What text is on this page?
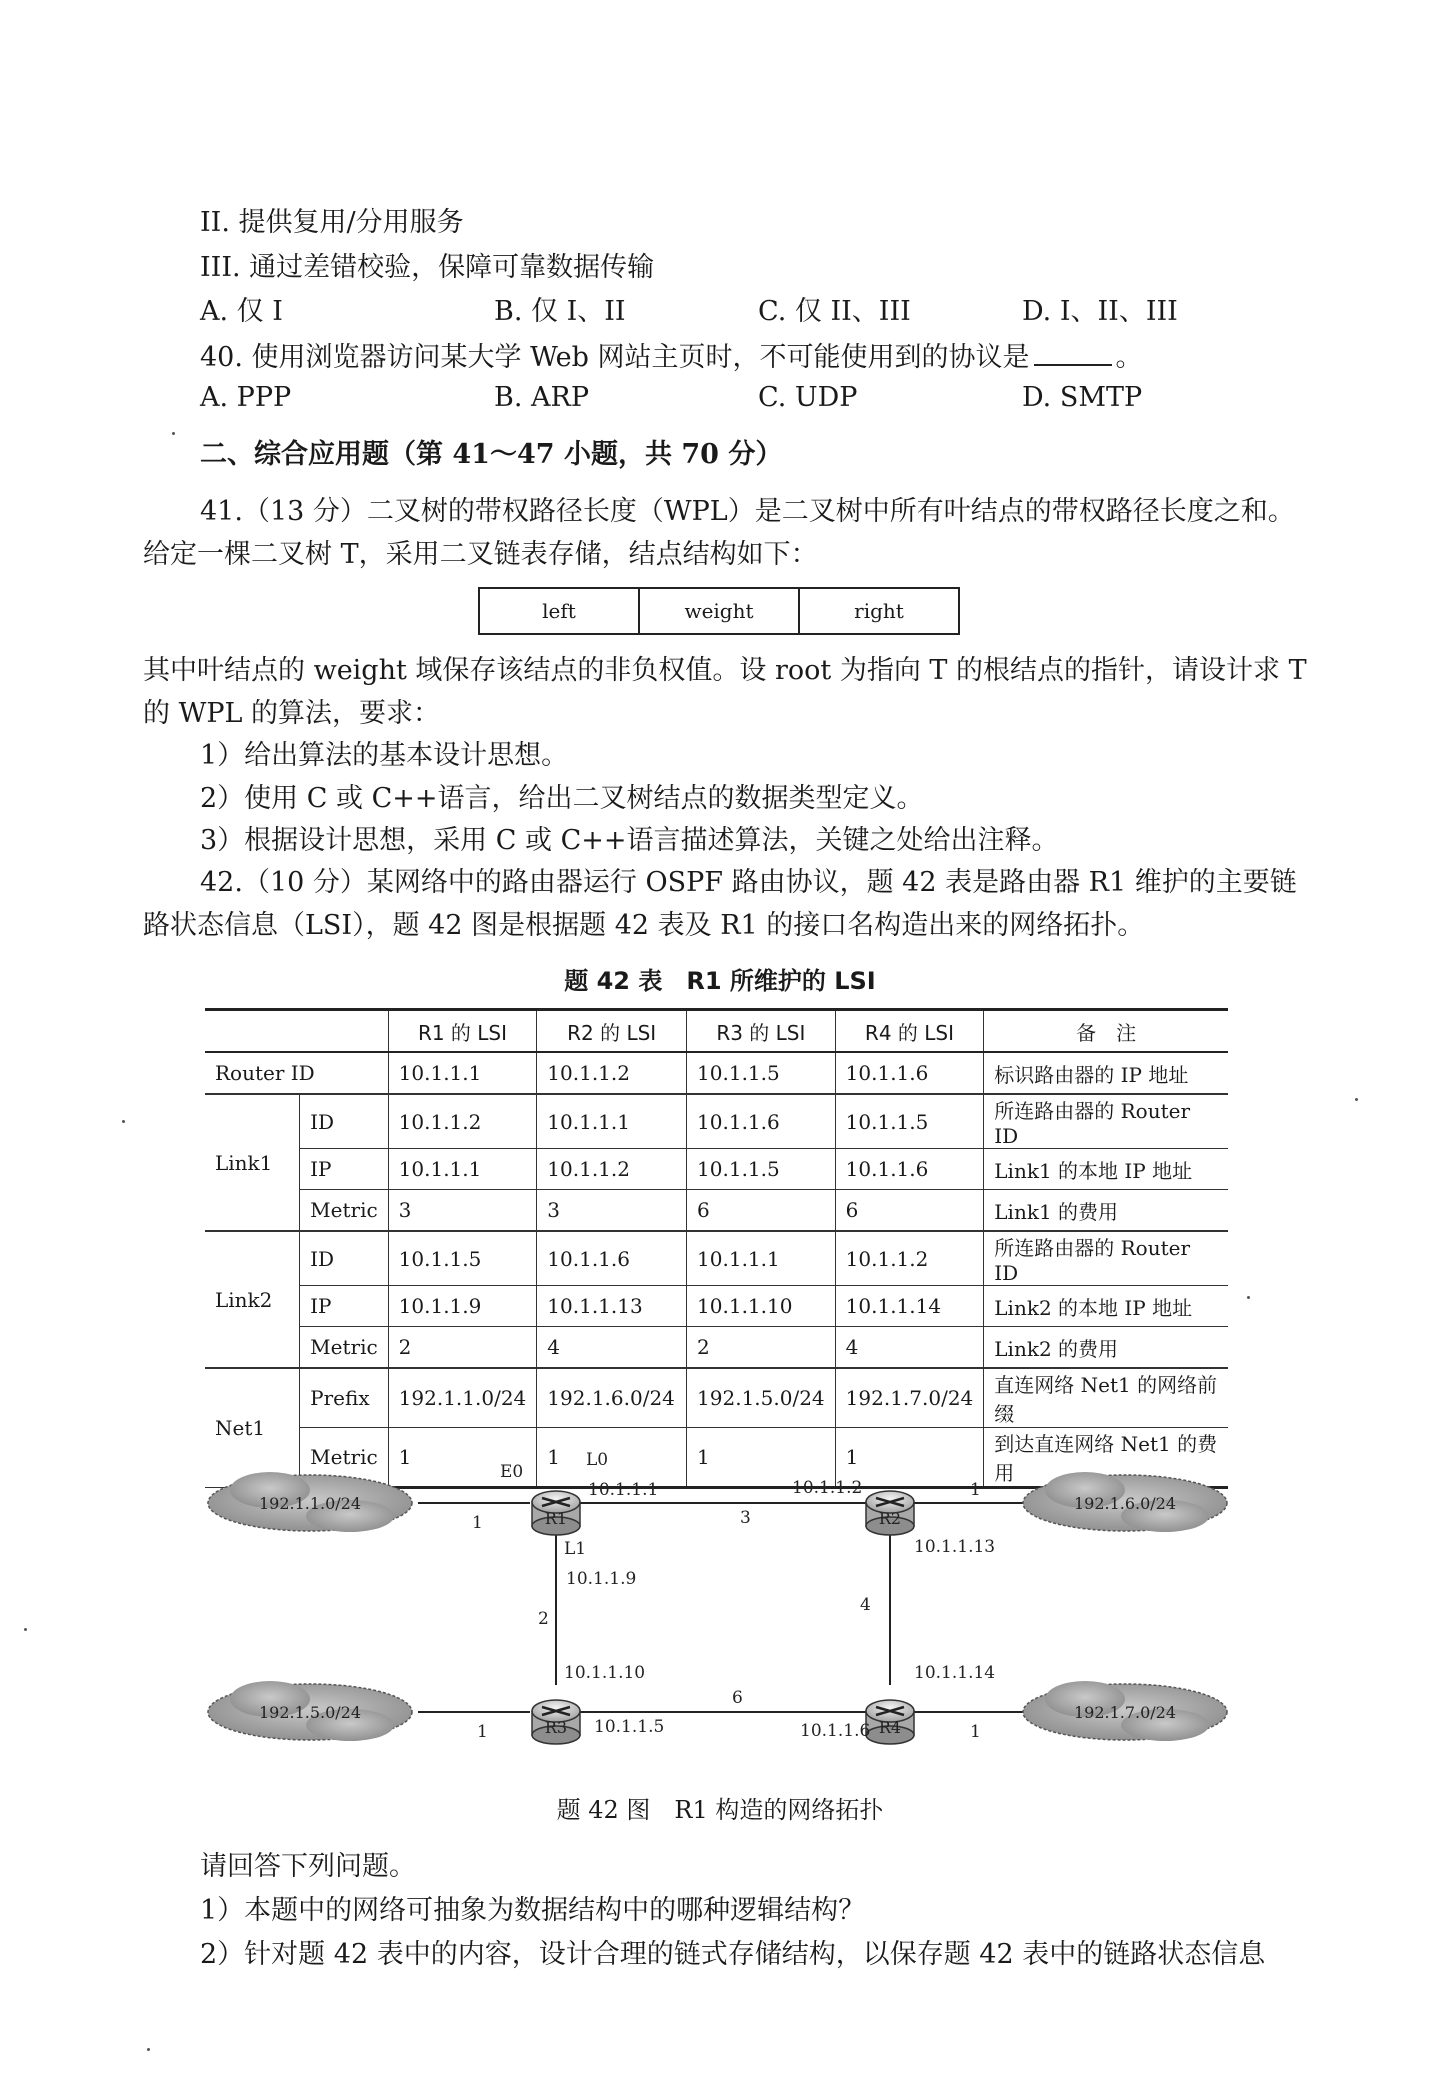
II. 提供复用/分用服务
III. 通过差错校验，保障可靠数据传输
A. 仅 I	B. 仅 I、II	C. 仅 II、III	D. I、II、III
40. 使用浏览器访问某大学 Web 网站主页时，不可能使用到的协议是	。
A. PPP	B. ARP	C. UDP	D. SMTP
二、综合应用题（第 41～47 小题，共 70 分）
41.（13 分）二叉树的带权路径长度（WPL）是二叉树中所有叶结点的带权路径长度之和。
给定一棵二叉树 T，采用二叉链表存储，结点结构如下：
left	weight	right
其中叶结点的 weight 域保存该结点的非负权值。设 root 为指向 T 的根结点的指针，请设计求 T
的 WPL 的算法，要求：
1）给出算法的基本设计思想。
2）使用 C 或 C++语言，给出二叉树结点的数据类型定义。
3）根据设计思想，采用 C 或 C++语言描述算法，关键之处给出注释。
42.（10 分）某网络中的路由器运行 OSPF 路由协议，题 42 表是路由器 R1 维护的主要链
路状态信息（LSI），题 42 图是根据题 42 表及 R1 的接口名构造出来的网络拓扑。
题 42 表　R1 所维护的 LSI
		R1 的 LSI	R2 的 LSI	R3 的 LSI	R4 的 LSI	备　注
Router ID		10.1.1.1	10.1.1.2	10.1.1.5	10.1.1.6	标识路由器的 IP 地址
Link1	ID	10.1.1.2	10.1.1.1	10.1.1.6	10.1.1.5	所连路由器的 Router ID
	IP	10.1.1.1	10.1.1.2	10.1.1.5	10.1.1.6	Link1 的本地 IP 地址
	Metric	3	3	6	6	Link1 的费用
Link2	ID	10.1.1.5	10.1.1.6	10.1.1.1	10.1.1.2	所连路由器的 Router ID
	IP	10.1.1.9	10.1.1.13	10.1.1.10	10.1.1.14	Link2 的本地 IP 地址
	Metric	2	4	2	4	Link2 的费用
Net1	Prefix	192.1.1.0/24	192.1.6.0/24	192.1.5.0/24	192.1.7.0/24	直连网络 Net1 的网络前缀
	Metric	1	1	1	1	到达直连网络 Net1 的费用
192.1.1.0/24	192.1.6.0/24
192.1.5.0/24	192.1.7.0/24
R1	R2
R3	R4
E0
L0
L1
10.1.1.1	10.1.1.2
10.1.1.13
10.1.1.9
10.1.1.10	10.1.1.14
10.1.1.5	10.1.1.6
1	3
1
2
4
1
6
1
题 42 图　R1 构造的网络拓扑
请回答下列问题。
1）本题中的网络可抽象为数据结构中的哪种逻辑结构？
2）针对题 42 表中的内容，设计合理的链式存储结构，以保存题 42 表中的链路状态信息
